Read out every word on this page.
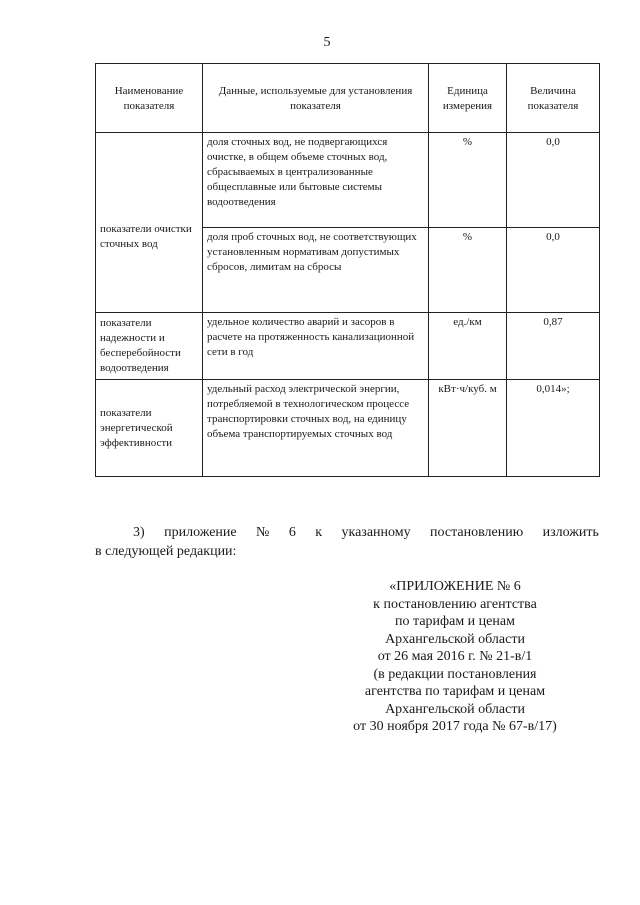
5
Наименование показателя	Данные, используемые для установления показателя	Единица измерения	Величина показателя
показатели очистки сточных вод	доля сточных вод, не подвергающихся очистке, в общем объеме сточных вод, сбрасываемых в централизованные общесплавные или бытовые системы водоотведения	%	0,0
	доля проб сточных вод, не соответствующих установленным нормативам допустимых сбросов, лимитам на сбросы	%	0,0
показатели надежности и бесперебойности водоотведения	удельное количество аварий и засоров в расчете на протяженность канализационной сети в год	ед./км	0,87
показатели энергетической эффективности	удельный расход электрической энергии, потребляемой в технологическом процессе транспортировки сточных вод, на единицу объема транспортируемых сточных вод	кВт·ч/куб. м	0,014»;
3) приложение № 6 к указанному постановлению изложить
в следующей редакции:
«ПРИЛОЖЕНИЕ № 6
к постановлению агентства
по тарифам и ценам
Архангельской области
от 26 мая 2016 г. № 21-в/1
(в редакции постановления
агентства по тарифам и ценам
Архангельской области
от 30 ноября 2017 года № 67-в/17)
